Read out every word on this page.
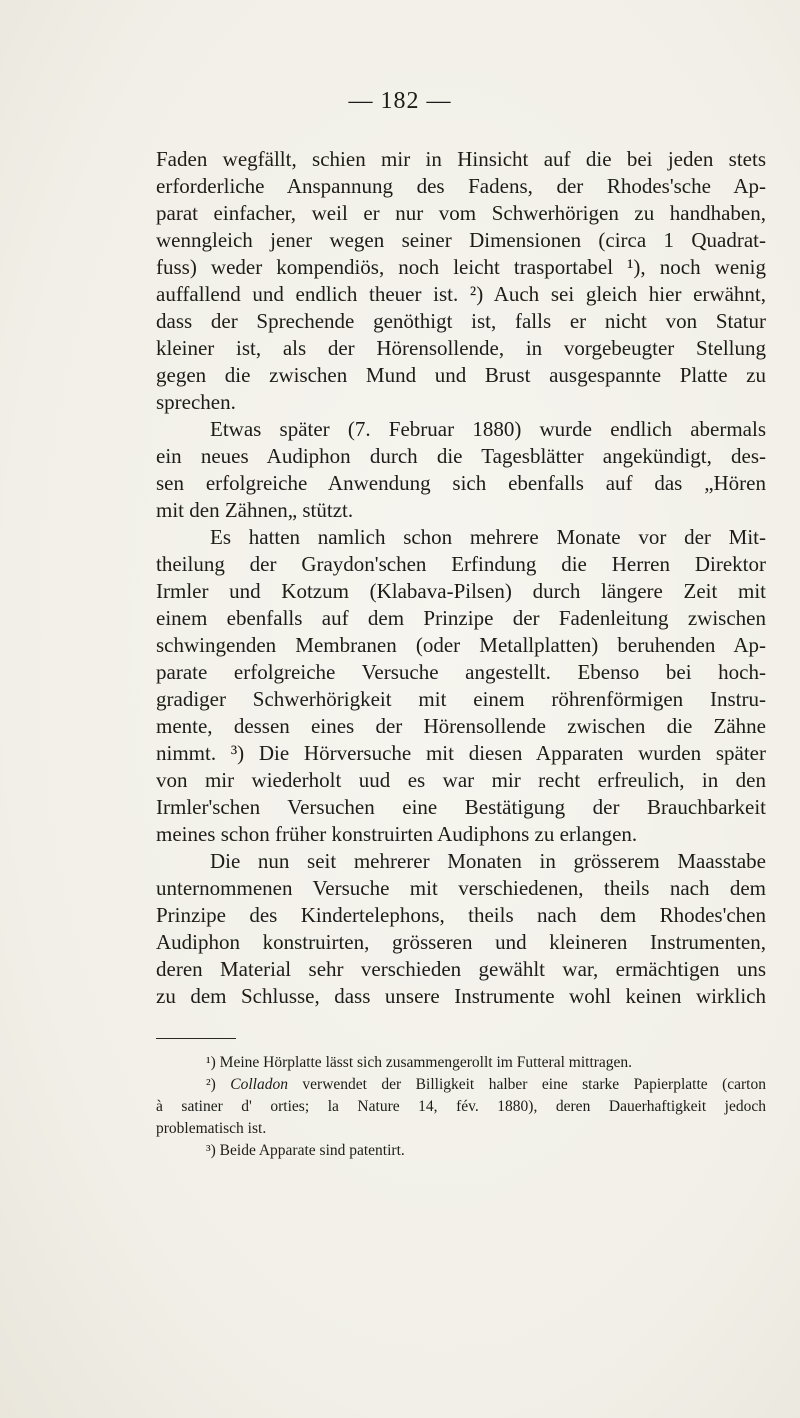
— 182 —
Faden wegfällt, schien mir in Hinsicht auf die bei jeden stets
erforderliche Anspannung des Fadens, der Rhodes'sche Ap-
parat einfacher, weil er nur vom Schwerhörigen zu handhaben,
wenngleich jener wegen seiner Dimensionen (circa 1 Quadrat-
fuss) weder kompendiös, noch leicht trasportabel ¹), noch wenig
auffallend und endlich theuer ist. ²) Auch sei gleich hier erwähnt,
dass der Sprechende genöthigt ist, falls er nicht von Statur
kleiner ist, als der Hörensollende, in vorgebeugter Stellung
gegen die zwischen Mund und Brust ausgespannte Platte zu
sprechen.
Etwas später (7. Februar 1880) wurde endlich abermals
ein neues Audiphon durch die Tagesblätter angekündigt, des-
sen erfolgreiche Anwendung sich ebenfalls auf das „Hören
mit den Zähnen„ stützt.
Es hatten namlich schon mehrere Monate vor der Mit-
theilung der Graydon'schen Erfindung die Herren Direktor
Irmler und Kotzum (Klabava-Pilsen) durch längere Zeit mit
einem ebenfalls auf dem Prinzipe der Fadenleitung zwischen
schwingenden Membranen (oder Metallplatten) beruhenden Ap-
parate erfolgreiche Versuche angestellt. Ebenso bei hoch-
gradiger Schwerhörigkeit mit einem röhrenförmigen Instru-
mente, dessen eines der Hörensollende zwischen die Zähne
nimmt. ³) Die Hörversuche mit diesen Apparaten wurden später
von mir wiederholt uud es war mir recht erfreulich, in den
Irmler'schen Versuchen eine Bestätigung der Brauchbarkeit
meines schon früher konstruirten Audiphons zu erlangen.
Die nun seit mehrerer Monaten in grösserem Maasstabe
unternommenen Versuche mit verschiedenen, theils nach dem
Prinzipe des Kindertelephons, theils nach dem Rhodes'chen
Audiphon konstruirten, grösseren und kleineren Instrumenten,
deren Material sehr verschieden gewählt war, ermächtigen uns
zu dem Schlusse, dass unsere Instrumente wohl keinen wirklich
¹) Meine Hörplatte lässt sich zusammengerollt im Futteral mittragen.
²) Colladon verwendet der Billigkeit halber eine starke Papierplatte (carton
à satiner d' orties; la Nature 14, fév. 1880), deren Dauerhaftigkeit jedoch
problematisch ist.
³) Beide Apparate sind patentirt.
